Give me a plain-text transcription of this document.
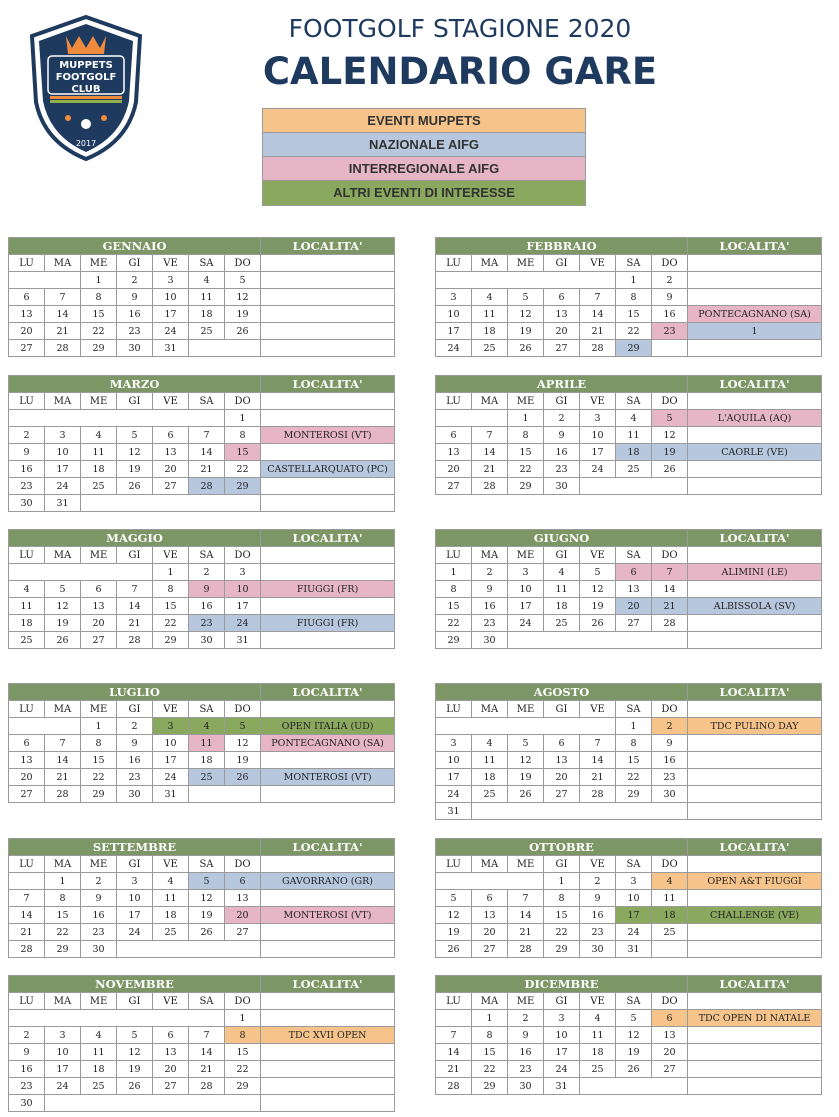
MUPPETS
FOOTGOLF
CLUB
2017
FOOTGOLF STAGIONE 2020
CALENDARIO GARE
EVENTI MUPPETS
NAZIONALE AIFG
INTERREGIONALE AIFG
ALTRI EVENTI DI INTERESSE
GENNAIO							LOCALITA'
LU	MA	ME	GI	VE	SA	DO	
		1	2	3	4	5	
6	7	8	9	10	11	12	
13	14	15	16	17	18	19	
20	21	22	23	24	25	26	
27	28	29	30	31			
FEBBRAIO							LOCALITA'	
LU	MA	ME	GI	VE	SA	DO		
					1	2		
3	4	5	6	7	8	9		
10	11	12	13	14	15	16	PONTECAGNANO (SA)	
17	18	19	20	21	22	23	1	
24	25	26	27	28	29			
MARZO							LOCALITA'
LU	MA	ME	GI	VE	SA	DO	
						1	
2	3	4	5	6	7	8	MONTEROSI (VT)
9	10	11	12	13	14	15	
16	17	18	19	20	21	22	CASTELLARQUATO (PC)
23	24	25	26	27	28	29	
30	31						
APRILE							LOCALITA'
LU	MA	ME	GI	VE	SA	DO	
		1	2	3	4	5	L'AQUILA (AQ)
6	7	8	9	10	11	12	
13	14	15	16	17	18	19	CAORLE (VE)
20	21	22	23	24	25	26	
27	28	29	30				
MAGGIO							LOCALITA'
LU	MA	ME	GI	VE	SA	DO	
				1	2	3	
4	5	6	7	8	9	10	FIUGGI (FR)
11	12	13	14	15	16	17	
18	19	20	21	22	23	24	FIUGGI (FR)
25	26	27	28	29	30	31	
GIUGNO							LOCALITA'
LU	MA	ME	GI	VE	SA	DO	
1	2	3	4	5	6	7	ALIMINI (LE)
8	9	10	11	12	13	14	
15	16	17	18	19	20	21	ALBISSOLA (SV)
22	23	24	25	26	27	28	
29	30						
LUGLIO							LOCALITA'
LU	MA	ME	GI	VE	SA	DO	
		1	2	3	4	5	OPEN ITALIA (UD)
6	7	8	9	10	11	12	PONTECAGNANO (SA)
13	14	15	16	17	18	19	
20	21	22	23	24	25	26	MONTEROSI (VT)
27	28	29	30	31			
AGOSTO							LOCALITA'
LU	MA	ME	GI	VE	SA	DO	
					1	2	TDC PULINO DAY
3	4	5	6	7	8	9	
10	11	12	13	14	15	16	
17	18	19	20	21	22	23	
24	25	26	27	28	29	30	
31							
SETTEMBRE							LOCALITA'
LU	MA	ME	GI	VE	SA	DO	
	1	2	3	4	5	6	GAVORRANO (GR)
7	8	9	10	11	12	13	
14	15	16	17	18	19	20	MONTEROSI (VT)
21	22	23	24	25	26	27	
28	29	30					
OTTOBRE							LOCALITA'
LU	MA	ME	GI	VE	SA	DO	
			1	2	3	4	OPEN A&T FIUGGI
5	6	7	8	9	10	11	
12	13	14	15	16	17	18	CHALLENGE (VE)
19	20	21	22	23	24	25	
26	27	28	29	30	31		
NOVEMBRE							LOCALITA'
LU	MA	ME	GI	VE	SA	DO	
						1	
2	3	4	5	6	7	8	TDC XVII OPEN
9	10	11	12	13	14	15	
16	17	18	19	20	21	22	
23	24	25	26	27	28	29	
30							
DICEMBRE							LOCALITA'
LU	MA	ME	GI	VE	SA	DO	
	1	2	3	4	5	6	TDC OPEN DI NATALE
7	8	9	10	11	12	13	
14	15	16	17	18	19	20	
21	22	23	24	25	26	27	
28	29	30	31				
